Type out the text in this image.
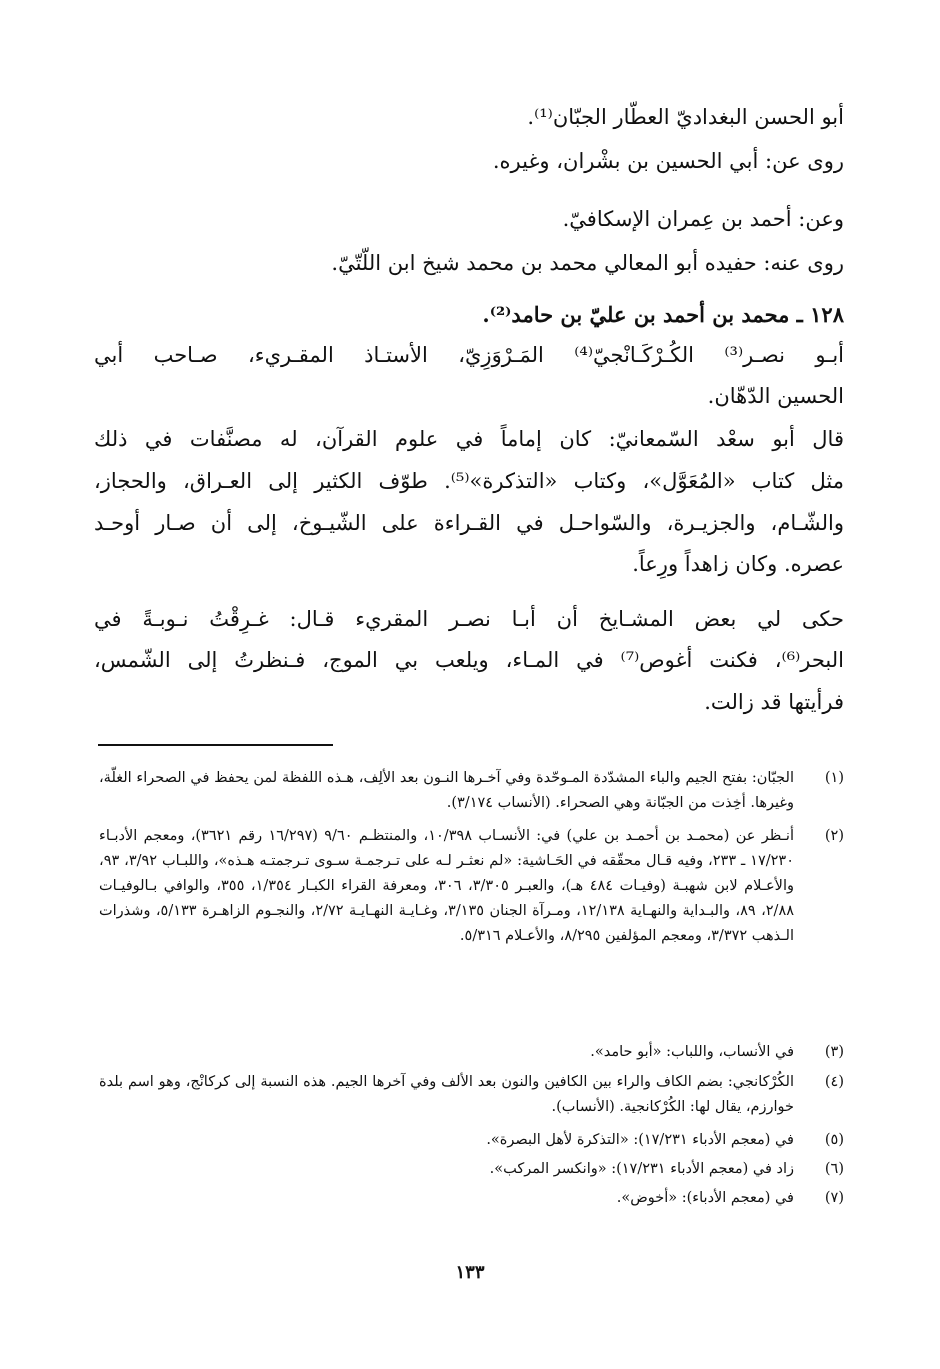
أبو الحسن البغداديّ العطّار الجبّان⁽¹⁾.
روى عن: أبي الحسين بن بشْران، وغيره.
وعن: أحمد بن عِمران الإسكافيّ.
روى عنه: حفيده أبو المعالي محمد بن محمد شيخ ابن اللّتّيّ.
١٢٨ ـ محمد بن أحمد بن عليّ بن حامد⁽²⁾.
أبـو نصـر⁽³⁾ الكُـرْكَـانْجيّ⁽⁴⁾ المَـرْوَزِيّ، الأستـاذ المقـريء، صـاحب أبي
الحسين الدّهّان.
قال أبو سعْد السّمعانيّ: كان إماماً في علوم القرآن، له مصنَّفات في ذلك
مثل كتاب «المُعَوَّل»، وكتاب «التذكرة»⁽⁵⁾. طوّف الكثير إلى العـراق، والحجاز،
والشّـام، والجزيـرة، والسّواحـل في القـراءة على الشّيـوخ، إلى أن صـار أوحـد
عصره. وكان زاهداً ورِعاً.
حكى لي بعض المشـايخ أن أبـا نصـر المقريء قـال: غـرِقْتُ نـوبـةً في
البحر⁽⁶⁾، فكنت أغوص⁽⁷⁾ في المـاء، ويلعب بي الموج، فـنظرتُ إلى الشّمس،
فرأيتها قد زالت.
(١)
الجبّان: بفتح الجيم والباء المشدّدة المـوحّدة وفي آخـرها النـون بعد الألِف، هـذه اللفظة لمن يحفظ في الصحراء الغلّة، وغيرها. أخِذت من الجبّانة وهي الصحراء. (الأنساب ٣/١٧٤).
(٢)
أنـظر عن (محمـد بن أحمـد بن علي) في: الأنسـاب ١٠/٣٩٨، والمنتظـم ٩/٦٠ (١٦/٢٩٧ رقم ٣٦٢١)، ومعجم الأدبـاء ١٧/٢٣٠ ـ ٢٣٣، وفيه قـال محقّقه في الحَـاشية: «لم نعثـر لـه على تـرجمـة سـوى تـرجمتـه هـذه»، واللبـاب ٣/٩٢، ٩٣، والأعـلام لابن شهبـة (وفيـات ٤٨٤ هـ)، والعبـر ٣/٣٠٥، ٣٠٦، ومعرفة القراء الكبـار ١/٣٥٤، ٣٥٥، والوافي بـالوفيـات ٢/٨٨، ٨٩، والبـداية والنهـاية ١٢/١٣٨، ومـرآة الجنان ٣/١٣٥، وغـايـة النهـايـة ٢/٧٢، والنجـوم الزاهـرة ٥/١٣٣، وشذرات الـذهب ٣/٣٧٢، ومعجم المؤلفين ٨/٢٩٥، والأعـلام ٥/٣١٦.
(٣)
في الأنساب، واللباب: «أبو حامد».
(٤)
الكُرْكانجي: بضم الكاف والراء بين الكافين والنون بعد الألف وفي آخرها الجيم. هذه النسبة إلى كركانْج، وهو اسم بلدة خوارزم، يقال لها: الكُرْكانجية. (الأنساب).
(٥)
في (معجم الأدباء ١٧/٢٣١): «التذكرة لأهل البصرة».
(٦)
زاد في (معجم الأدباء ١٧/٢٣١): «وانكسر المركب».
(٧)
في (معجم الأدباء): «أخوض».
١٣٣
